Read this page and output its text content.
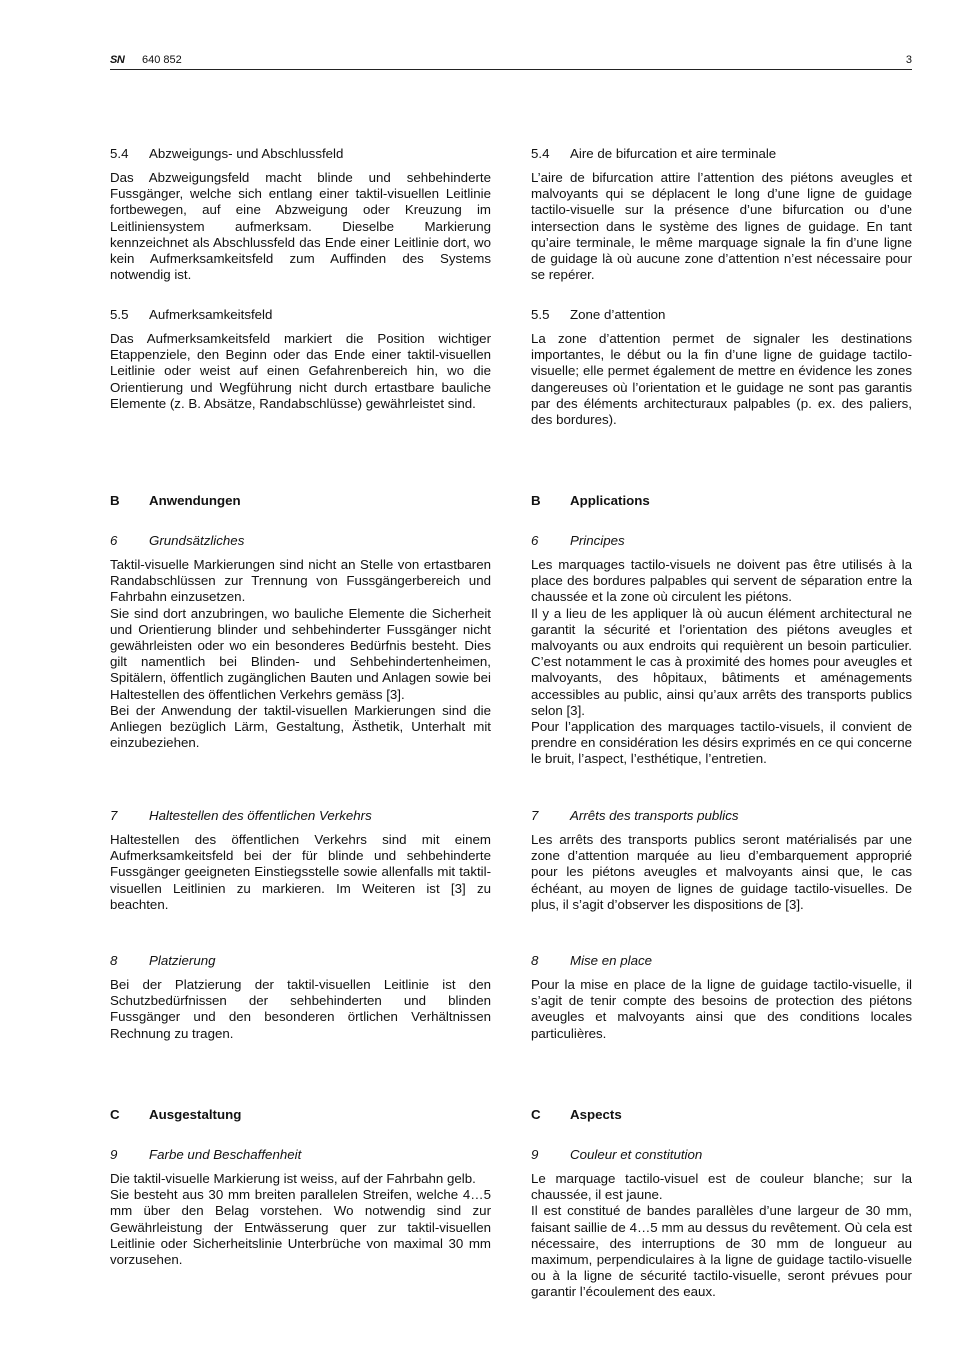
SN 640 852	3
5.4 Abzweigungs- und Abschlussfeld

Das Abzweigungsfeld macht blinde und sehbehinderte Fussgänger, welche sich entlang einer taktil-visuellen Leitlinie fortbewegen, auf eine Abzweigung oder Kreuzung im Leitliniensystem aufmerksam. Dieselbe Markierung kennzeichnet als Abschlussfeld das Ende einer Leitlinie dort, wo kein Aufmerksamkeitsfeld zum Auffinden des Systems notwendig ist.

5.5 Aufmerksamkeitsfeld

Das Aufmerksamkeitsfeld markiert die Position wichtiger Etappenziele, den Beginn oder das Ende einer taktil-visuellen Leitlinie oder weist auf einen Gefahrenbereich hin, wo die Orientierung und Wegführung nicht durch ertastbare bauliche Elemente (z. B. Absätze, Randabschlüsse) gewährleistet sind.

B Anwendungen
6 Grundsätzliches

Taktil-visuelle Markierungen sind nicht an Stelle von ertastbaren Randabschlüssen zur Trennung von Fussgängerbereich und Fahrbahn einzusetzen.

Sie sind dort anzubringen, wo bauliche Elemente die Sicherheit und Orientierung blinder und sehbehinderter Fussgänger nicht gewährleisten oder wo ein besonderes Bedürfnis besteht. Dies gilt namentlich bei Blinden- und Sehbehindertenheimen, Spitälern, öffentlich zugänglichen Bauten und Anlagen sowie bei Haltestellen des öffentlichen Verkehrs gemäss [3].

Bei der Anwendung der taktil-visuellen Markierungen sind die Anliegen bezüglich Lärm, Gestaltung, Ästhetik, Unterhalt mit einzubeziehen.

7 Haltestellen des öffentlichen Verkehrs

Haltestellen des öffentlichen Verkehrs sind mit einem Aufmerksamkeitsfeld bei der für blinde und sehbehinderte Fussgänger geeigneten Einstiegsstelle sowie allenfalls mit taktil-visuellen Leitlinien zu markieren. Im Weiteren ist [3] zu beachten.

8 Platzierung

Bei der Platzierung der taktil-visuellen Leitlinie ist den Schutzbedürfnissen der sehbehinderten und blinden Fussgänger und den besonderen örtlichen Verhältnissen Rechnung zu tragen.

C Ausgestaltung
9 Farbe und Beschaffenheit

Die taktil-visuelle Markierung ist weiss, auf der Fahrbahn gelb.

Sie besteht aus 30 mm breiten parallelen Streifen, welche 4…5 mm über den Belag vorstehen. Wo notwendig sind zur Gewährleistung der Entwässerung quer zur taktil-visuellen Leitlinie oder Sicherheitslinie Unterbrüche von maximal 30 mm vorzusehen.

5.4 Aire de bifurcation et aire terminale

L’aire de bifurcation attire l’attention des piétons aveugles et malvoyants qui se déplacent le long d’une ligne de guidage tactilo-visuelle sur la présence d’une bifurcation ou d’une intersection dans le système des lignes de guidage. En tant qu’aire terminale, le même marquage signale la fin d’une ligne de guidage là où aucune zone d’attention n’est nécessaire pour se repérer.

5.5 Zone d’attention

La zone d’attention permet de signaler les destinations importantes, le début ou la fin d’une ligne de guidage tactilo-visuelle; elle permet également de mettre en évidence les zones dangereuses où l’orientation et le guidage ne sont pas garantis par des éléments architecturaux palpables (p. ex. des paliers, des bordures).

B Applications
6 Principes

Les marquages tactilo-visuels ne doivent pas être utilisés à la place des bordures palpables qui servent de séparation entre la chaussée et la zone où circulent les piétons.

Il y a lieu de les appliquer là où aucun élément architectural ne garantit la sécurité et l’orientation des piétons aveugles et malvoyants ou aux endroits qui requièrent un besoin particulier. C’est notamment le cas à proximité des homes pour aveugles et malvoyants, des hôpitaux, bâtiments et aménagements accessibles au public, ainsi qu’aux arrêts des transports publics selon [3].

Pour l’application des marquages tactilo-visuels, il convient de prendre en considération les désirs exprimés en ce qui concerne le bruit, l’aspect, l’esthétique, l’entretien.

7 Arrêts des transports publics

Les arrêts des transports publics seront matérialisés par une zone d’attention marquée au lieu d’embarquement approprié pour les piétons aveugles et malvoyants ainsi que, le cas échéant, au moyen de lignes de guidage tactilo-visuelles. De plus, il s’agit d’observer les dispositions de [3].

8 Mise en place

Pour la mise en place de la ligne de guidage tactilo-visuelle, il s’agit de tenir compte des besoins de protection des piétons aveugles et malvoyants ainsi que des conditions locales particulières.

C Aspects
9 Couleur et constitution

Le marquage tactilo-visuel est de couleur blanche; sur la chaussée, il est jaune.

Il est constitué de bandes parallèles d’une largeur de 30 mm, faisant saillie de 4…5 mm au dessus du revêtement. Où cela est nécessaire, des interruptions de 30 mm de longueur au maximum, perpendiculaires à la ligne de guidage tactilo-visuelle ou à la ligne de sécurité tactilo-visuelle, seront prévues pour garantir l’écoulement des eaux.
